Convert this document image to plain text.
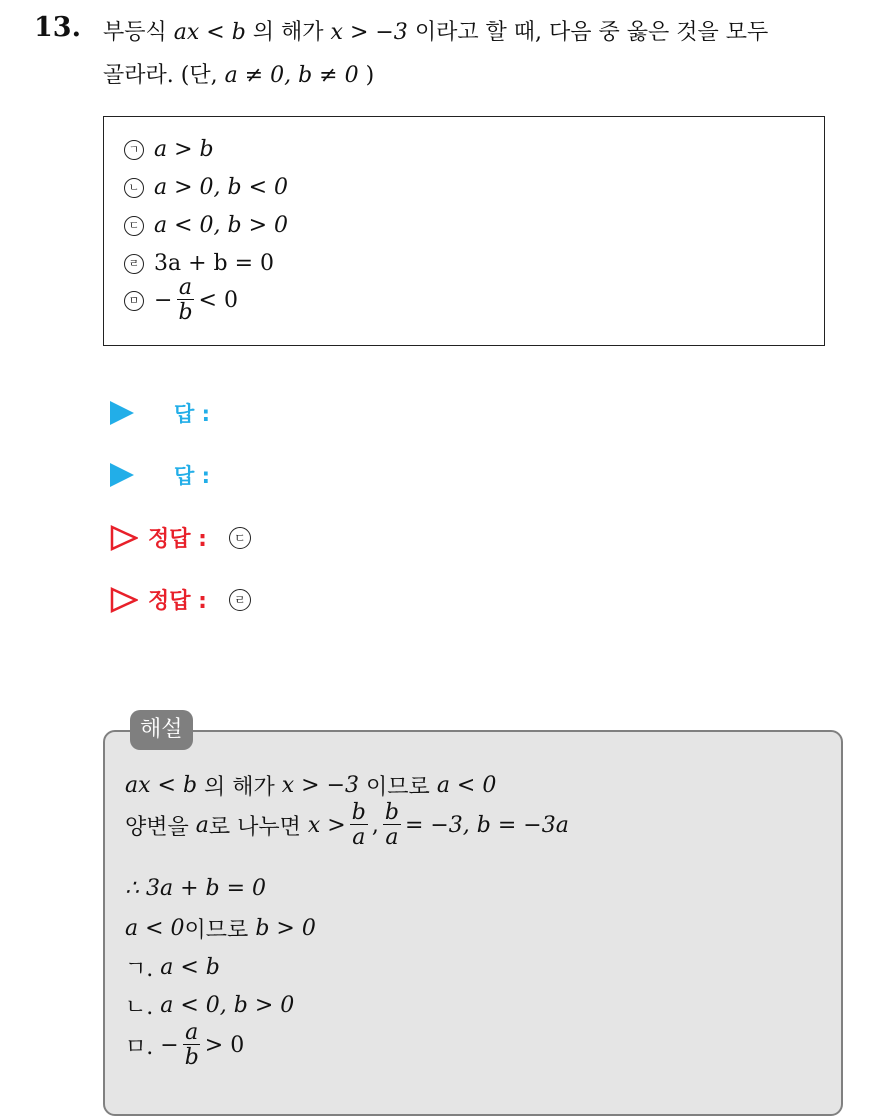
13. 부등식 ax < b 의 해가 x > −3 이라고 할 때, 다음 중 옳은 것을 모두
골라라. (단, a ≠ 0, b ≠ 0 )
ㄱ a > b
ㄴ a > 0, b < 0
ㄷ a < 0, b > 0
ㄹ 3a + b = 0
ㅁ − $\frac{a}{b} < 0$
답 :
답 :
정답 :	ㄷ
정답 :	ㄹ
해설
ax < b
의 해가
x > −3
이므로
a < 0
양변을
a 로 나누면
$x > \frac{b}{a}$ , $\frac{b}{a} = -3$, b = −3a
∴ 3a + b = 0
a < 0 이므로
b > 0
ㄱ.
a < b
ㄴ.
a < 0, b > 0
ㅁ.
− $\frac{a}{b} > 0$
